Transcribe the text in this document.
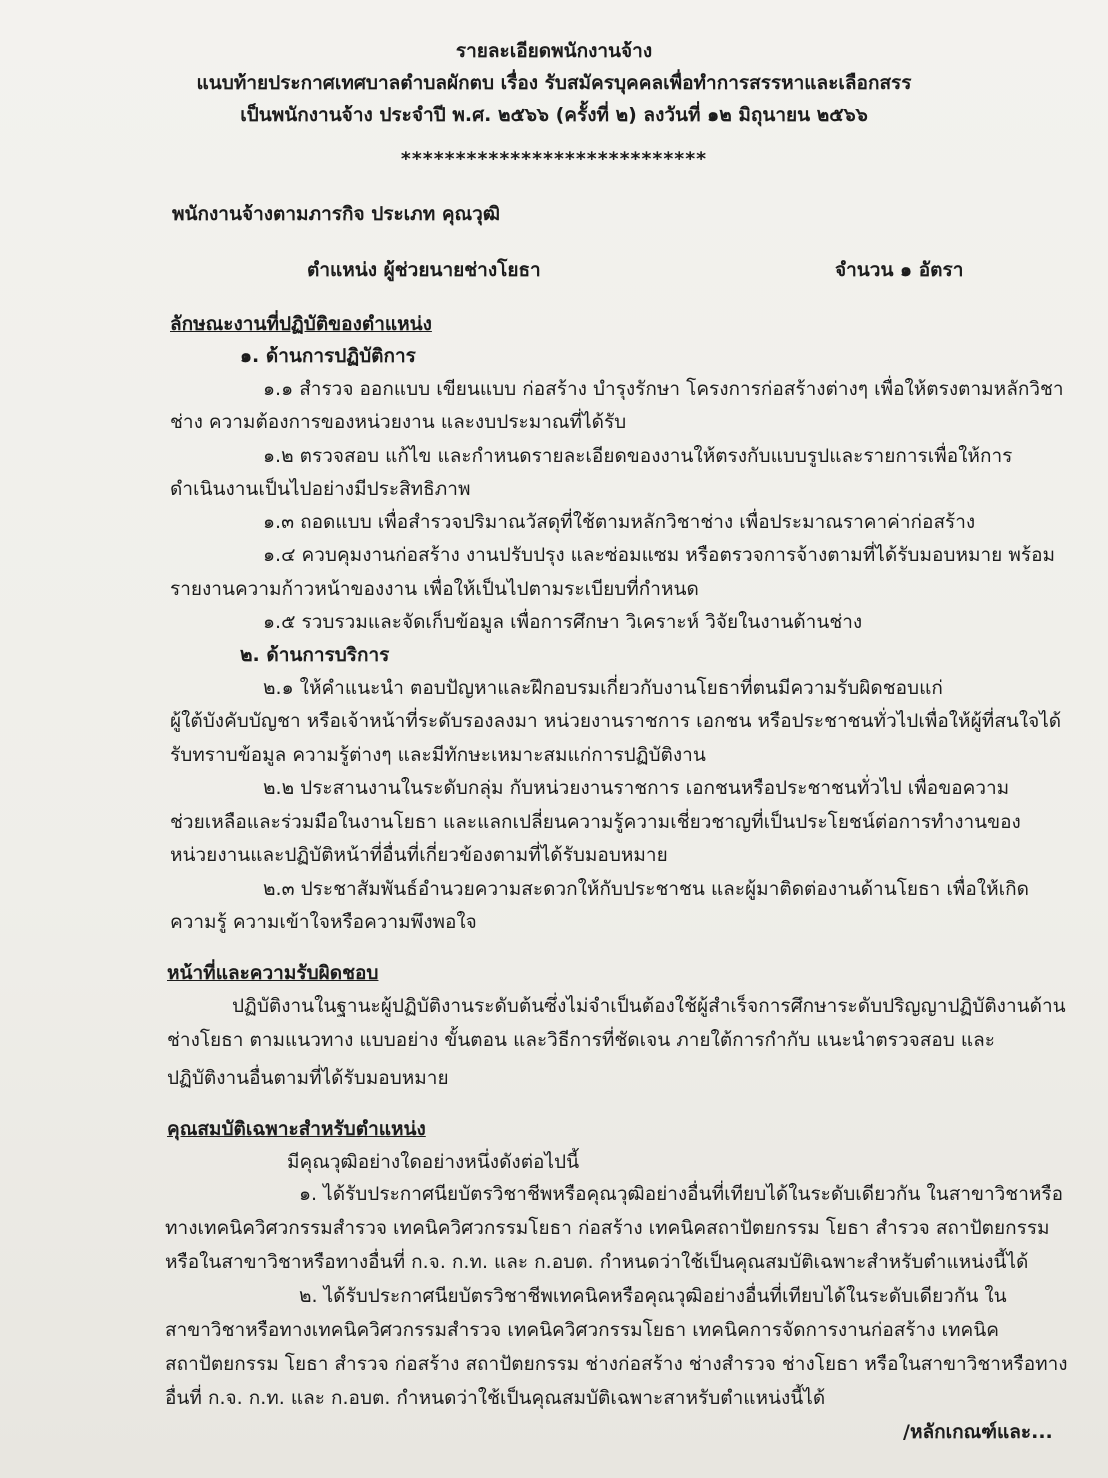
รายละเอียดพนักงานจ้าง
แนบท้ายประกาศเทศบาลตำบลผักตบ เรื่อง รับสมัครบุคคลเพื่อทำการสรรหาและเลือกสรร
เป็นพนักงานจ้าง ประจำปี พ.ศ. ๒๕๖๖ (ครั้งที่ ๒) ลงวันที่ ๑๒ มิถุนายน ๒๕๖๖
****************************
พนักงานจ้างตามภารกิจ ประเภท คุณวุฒิ
ตำแหน่ง ผู้ช่วยนายช่างโยธา	จำนวน ๑ อัตรา
ลักษณะงานที่ปฏิบัติของตำแหน่ง
๑. ด้านการปฏิบัติการ
๑.๑ สำรวจ ออกแบบ เขียนแบบ ก่อสร้าง บำรุงรักษา โครงการก่อสร้างต่างๆ เพื่อให้ตรงตามหลักวิชา
ช่าง ความต้องการของหน่วยงาน และงบประมาณที่ได้รับ
๑.๒ ตรวจสอบ แก้ไข และกำหนดรายละเอียดของงานให้ตรงกับแบบรูปและรายการเพื่อให้การ
ดำเนินงานเป็นไปอย่างมีประสิทธิภาพ
๑.๓ ถอดแบบ เพื่อสำรวจปริมาณวัสดุที่ใช้ตามหลักวิชาช่าง เพื่อประมาณราคาค่าก่อสร้าง
๑.๔ ควบคุมงานก่อสร้าง งานปรับปรุง และซ่อมแซม หรือตรวจการจ้างตามที่ได้รับมอบหมาย พร้อม
รายงานความก้าวหน้าของงาน เพื่อให้เป็นไปตามระเบียบที่กำหนด
๑.๕ รวบรวมและจัดเก็บข้อมูล เพื่อการศึกษา วิเคราะห์ วิจัยในงานด้านช่าง
๒. ด้านการบริการ
๒.๑ ให้คำแนะนำ ตอบปัญหาและฝึกอบรมเกี่ยวกับงานโยธาที่ตนมีความรับผิดชอบแก่
ผู้ใต้บังคับบัญชา หรือเจ้าหน้าที่ระดับรองลงมา หน่วยงานราชการ เอกชน หรือประชาชนทั่วไปเพื่อให้ผู้ที่สนใจได้
รับทราบข้อมูล ความรู้ต่างๆ และมีทักษะเหมาะสมแก่การปฏิบัติงาน
๒.๒ ประสานงานในระดับกลุ่ม กับหน่วยงานราชการ เอกชนหรือประชาชนทั่วไป เพื่อขอความ
ช่วยเหลือและร่วมมือในงานโยธา และแลกเปลี่ยนความรู้ความเชี่ยวชาญที่เป็นประโยชน์ต่อการทำงานของ
หน่วยงานและปฏิบัติหน้าที่อื่นที่เกี่ยวข้องตามที่ได้รับมอบหมาย
๒.๓ ประชาสัมพันธ์อำนวยความสะดวกให้กับประชาชน และผู้มาติดต่องานด้านโยธา เพื่อให้เกิด
ความรู้ ความเข้าใจหรือความพึงพอใจ
หน้าที่และความรับผิดชอบ
ปฏิบัติงานในฐานะผู้ปฏิบัติงานระดับต้นซึ่งไม่จำเป็นต้องใช้ผู้สำเร็จการศึกษาระดับปริญญาปฏิบัติงานด้าน
ช่างโยธา ตามแนวทาง แบบอย่าง ขั้นตอน และวิธีการที่ชัดเจน ภายใต้การกำกับ แนะนำตรวจสอบ และ
ปฏิบัติงานอื่นตามที่ได้รับมอบหมาย
คุณสมบัติเฉพาะสำหรับตำแหน่ง
มีคุณวุฒิอย่างใดอย่างหนึ่งดังต่อไปนี้
๑. ได้รับประกาศนียบัตรวิชาชีพหรือคุณวุฒิอย่างอื่นที่เทียบได้ในระดับเดียวกัน ในสาขาวิชาหรือ
ทางเทคนิควิศวกรรมสำรวจ เทคนิควิศวกรรมโยธา ก่อสร้าง เทคนิคสถาปัตยกรรม โยธา สำรวจ สถาปัตยกรรม
หรือในสาขาวิชาหรือทางอื่นที่ ก.จ. ก.ท. และ ก.อบต. กำหนดว่าใช้เป็นคุณสมบัติเฉพาะสำหรับตำแหน่งนี้ได้
๒. ได้รับประกาศนียบัตรวิชาชีพเทคนิคหรือคุณวุฒิอย่างอื่นที่เทียบได้ในระดับเดียวกัน ใน
สาขาวิชาหรือทางเทคนิควิศวกรรมสำรวจ เทคนิควิศวกรรมโยธา เทคนิคการจัดการงานก่อสร้าง เทคนิค
สถาปัตยกรรม โยธา สำรวจ ก่อสร้าง สถาปัตยกรรม ช่างก่อสร้าง ช่างสำรวจ ช่างโยธา หรือในสาขาวิชาหรือทาง
อื่นที่ ก.จ. ก.ท. และ ก.อบต. กำหนดว่าใช้เป็นคุณสมบัติเฉพาะสาหรับตำแหน่งนี้ได้
/หลักเกณฑ์และ...
